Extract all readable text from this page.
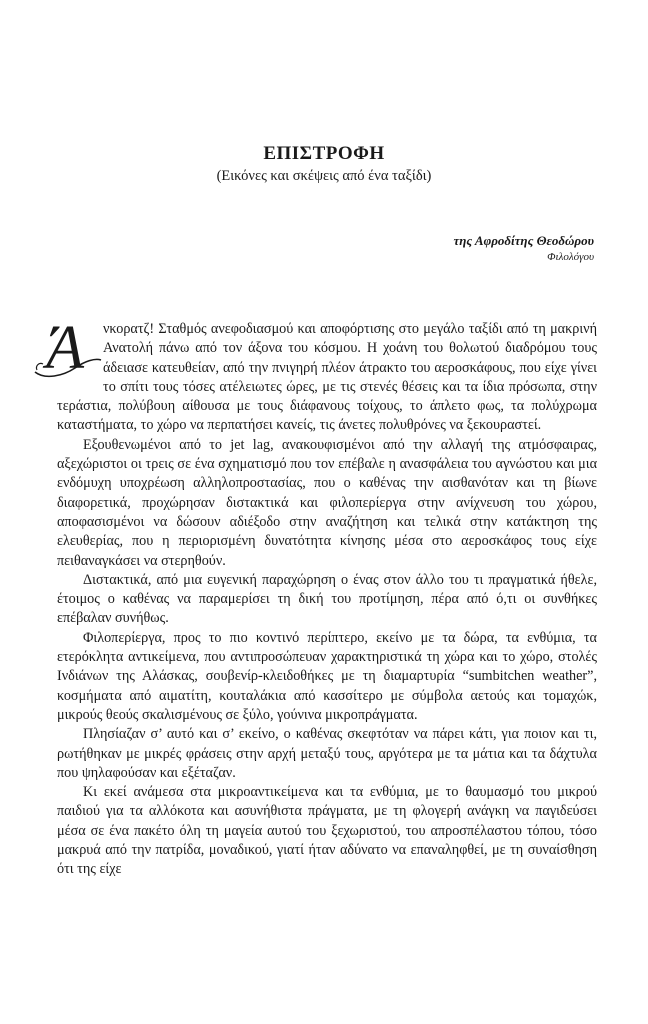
ΕΠΙΣΤΡΟΦΗ
(Εικόνες και σκέψεις από ένα ταξίδι)
της Αφροδίτης Θεοδώρου
Φιλολόγου

Ά	νκορατζ! Σταθμός ανεφοδιασμού και αποφόρτισης στο μεγάλο ταξίδι από τη μακρινή Ανατολή πάνω από τον άξονα του κόσμου. Η χοάνη του θολωτού διαδρόμου τους άδειασε κατευθείαν, από την πνιγηρή πλέον άτρακτο του αεροσκάφους, που είχε γίνει το σπίτι τους τόσες ατέλειωτες ώρες, με τις στενές θέσεις και τα ίδια πρόσωπα, στην τεράστια, πολύβουη αίθουσα με τους διάφανους τοίχους, το άπλετο φως, τα πολύχρωμα καταστήματα, το χώρο να περπατήσει κανείς, τις άνετες πολυθρόνες να ξεκουραστεί.

Εξουθενωμένοι από το jet lag, ανακουφισμένοι από την αλλαγή της ατμόσφαιρας, αξεχώριστοι οι τρεις σε ένα σχηματισμό που τον επέβαλε η ανασφάλεια του αγνώστου και μια ενδόμυχη υποχρέωση αλληλοπροστασίας, που ο καθένας την αισθανόταν και τη βίωνε διαφορετικά, προχώρησαν διστακτικά και φιλοπερίεργα στην ανίχνευση του χώρου, αποφασισμένοι να δώσουν αδιέξοδο στην αναζήτηση και τελικά στην κατάκτηση της ελευθερίας, που η περιορισμένη δυνατότητα κίνησης μέσα στο αεροσκάφος τους είχε πειθαναγκάσει να στερηθούν.

Διστακτικά, από μια ευγενική παραχώρηση ο ένας στον άλλο του τι πραγματικά ήθελε, έτοιμος ο καθένας να παραμερίσει τη δική του προτίμηση, πέρα από ό,τι οι συνθήκες επέβαλαν συνήθως.

Φιλοπερίεργα, προς το πιο κοντινό περίπτερο, εκείνο με τα δώρα, τα ενθύμια, τα ετερόκλητα αντικείμενα, που αντιπροσώπευαν χαρακτηριστικά τη χώρα και το χώρο, στολές Ινδιάνων της Αλάσκας, σουβενίρ-κλειδοθήκες με τη διαμαρτυρία “sumbitchen weather”, κοσμήματα από αιματίτη, κουταλάκια από κασσίτερο με σύμβολα αετούς και τομαχώκ, μικρούς θεούς σκαλισμένους σε ξύλο, γούνινα μικροπράγματα.

Πλησίαζαν σ’ αυτό και σ’ εκείνο, ο καθένας σκεφτόταν να πάρει κάτι, για ποιον και τι, ρωτήθηκαν με μικρές φράσεις στην αρχή μεταξύ τους, αργότερα με τα μάτια και τα δάχτυλα που ψηλαφούσαν και εξέταζαν.

Κι εκεί ανάμεσα στα μικροαντικείμενα και τα ενθύμια, με το θαυμασμό του μικρού παιδιού για τα αλλόκοτα και ασυνήθιστα πράγματα, με τη φλογερή ανάγκη να παγιδεύσει μέσα σε ένα πακέτο όλη τη μαγεία αυτού του ξεχωριστού, του απροσπέλαστου τόπου, τόσο μακρυά από την πατρίδα, μοναδικού, γιατί ήταν αδύνατο να επαναληφθεί, με τη συναίσθηση ότι της είχε
